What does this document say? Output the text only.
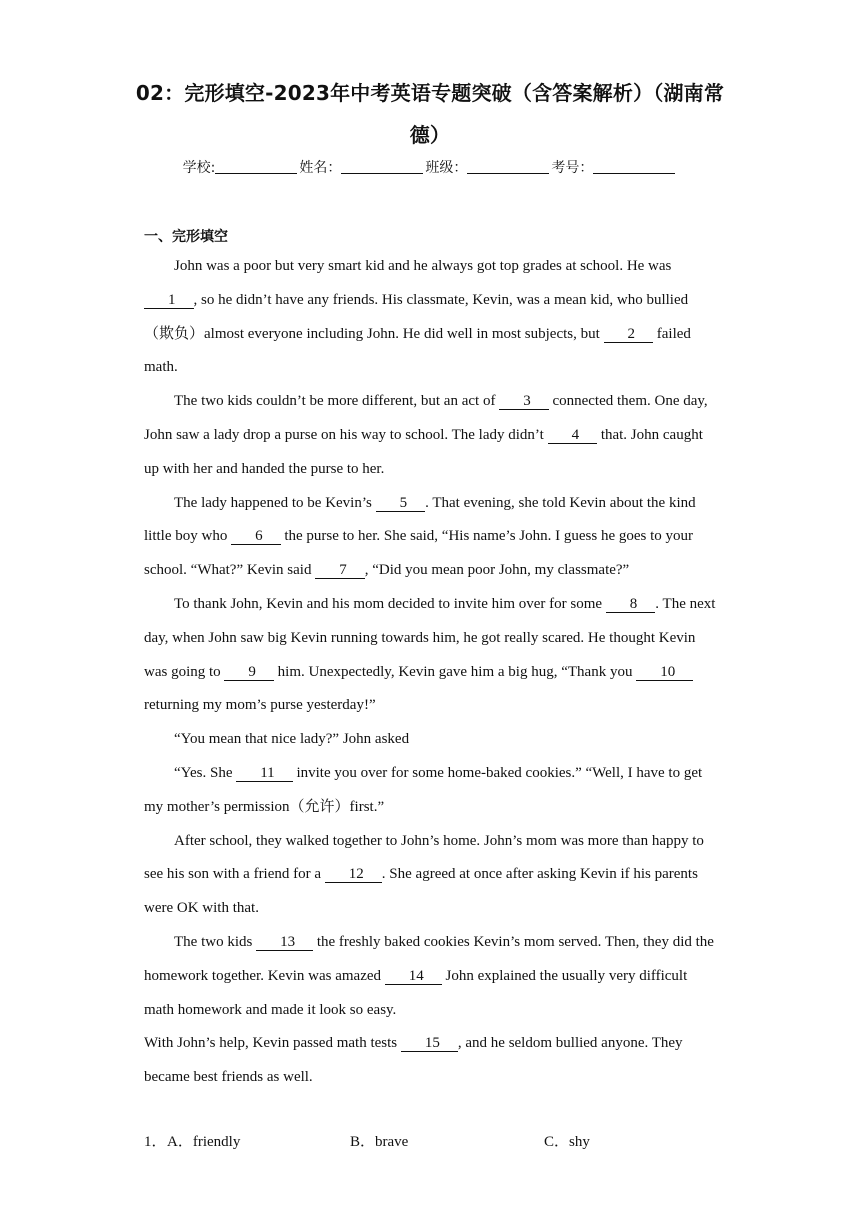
02：完形填空-2023年中考英语专题突破（含答案解析）（湖南常德）
学校:	姓名：	班级：	考号：
一、完形填空

John was a poor but very smart kid and he always got top grades at school. He was 1 , so he didn’t have any friends. His classmate, Kevin, was a mean kid, who bullied（欺负）almost everyone including John. He did well in most subjects, but 2 failed math.

The two kids couldn’t be more different, but an act of 3 connected them. One day, John saw a lady drop a purse on his way to school. The lady didn’t 4 that. John caught up with her and handed the purse to her.

The lady happened to be Kevin’s 5 . That evening, she told Kevin about the kind little boy who 6 the purse to her. She said, “His name’s John. I guess he goes to your school. “What?” Kevin said 7 , “Did you mean poor John, my classmate?”

To thank John, Kevin and his mom decided to invite him over for some 8 . The next day, when John saw big Kevin running towards him, he got really scared. He thought Kevin was going to 9 him. Unexpectedly, Kevin gave him a big hug, “Thank you 10 returning my mom’s purse yesterday!”

“You mean that nice lady?” John asked

“Yes. She 11 invite you over for some home-baked cookies.” “Well, I have to get my mother’s permission（允许）first.”

After school, they walked together to John’s home. John’s mom was more than happy to see his son with a friend for a 12 . She agreed at once after asking Kevin if his parents were OK with that.

The two kids 13 the freshly baked cookies Kevin’s mom served. Then, they did the homework together. Kevin was amazed 14 John explained the usually very difficult math homework and made it look so easy.

With John’s help, Kevin passed math tests 15 , and he seldom bullied anyone. They became best friends as well.

1． A．friendly	B．brave	C．shy
